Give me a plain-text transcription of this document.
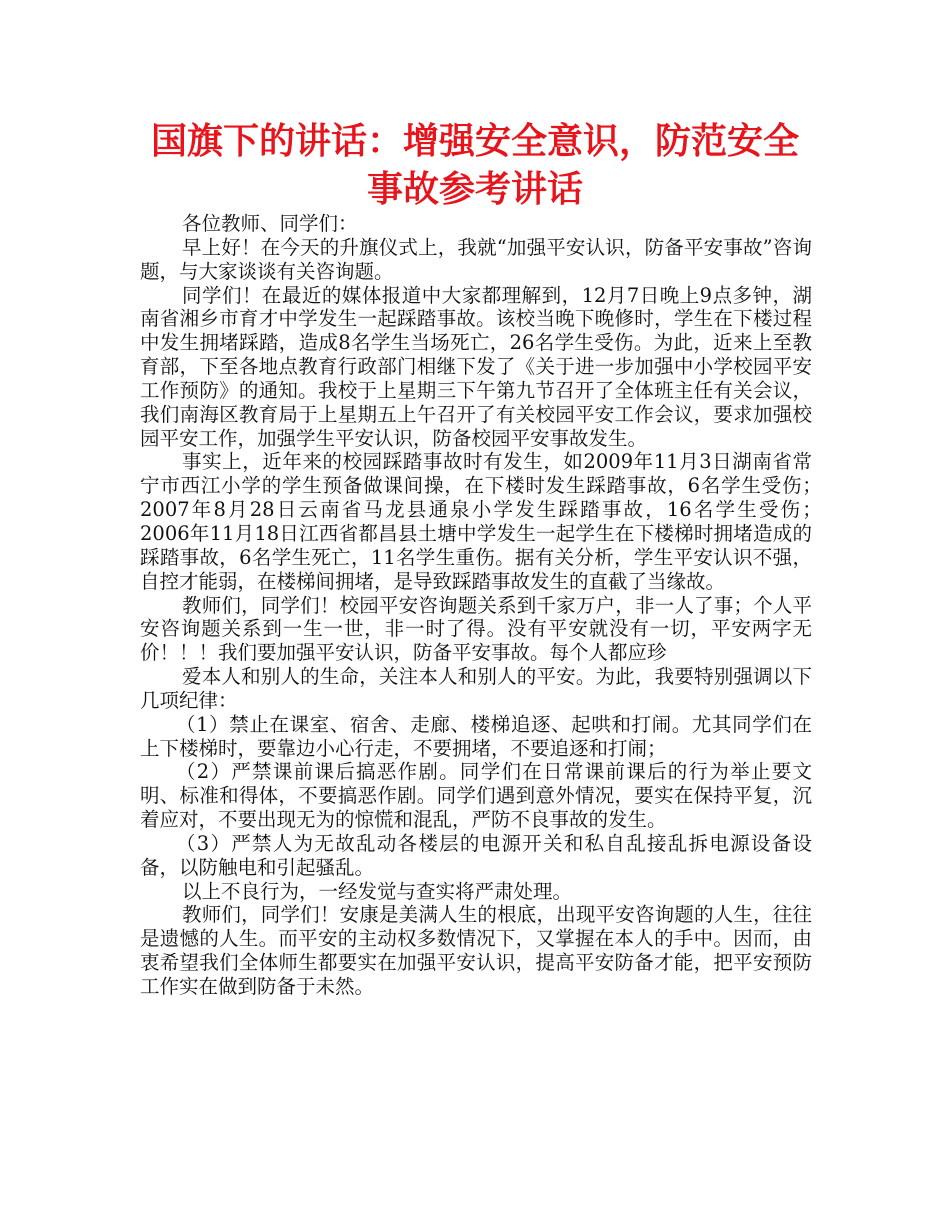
国旗下的讲话：增强安全意识，防范安全事故参考讲话

各位教师、同学们：

早上好！在今天的升旗仪式上，我就“加强平安认识，防备平安事故”咨询题，与大家谈谈有关咨询题。

同学们！在最近的媒体报道中大家都理解到，12月7日晚上9点多钟，湖南省湘乡市育才中学发生一起踩踏事故。该校当晚下晚修时，学生在下楼过程中发生拥堵踩踏，造成8名学生当场死亡，26名学生受伤。为此，近来上至教育部，下至各地点教育行政部门相继下发了《关于进一步加强中小学校园平安工作预防》的通知。我校于上星期三下午第九节召开了全体班主任有关会议，我们南海区教育局于上星期五上午召开了有关校园平安工作会议，要求加强校园平安工作，加强学生平安认识，防备校园平安事故发生。

事实上，近年来的校园踩踏事故时有发生，如2009年11月3日湖南省常宁市西江小学的学生预备做课间操，在下楼时发生踩踏事故，6名学生受伤；　　2007年8月28日云南省马龙县通泉小学发生踩踏事故，16名学生受伤；　2006年11月18日江西省都昌县土塘中学发生一起学生在下楼梯时拥堵造成的踩踏事故，6名学生死亡，11名学生重伤。据有关分析，学生平安认识不强，自控才能弱，在楼梯间拥堵，是导致踩踏事故发生的直截了当缘故。

教师们，同学们！校园平安咨询题关系到千家万户，非一人了事；个人平安咨询题关系到一生一世，非一时了得。没有平安就没有一切，平安两字无价！！！我们要加强平安认识，防备平安事故。每个人都应珍

爱本人和别人的生命，关注本人和别人的平安。为此，我要特别强调以下几项纪律：

（1）禁止在课室、宿舍、走廊、楼梯追逐、起哄和打闹。尤其同学们在上下楼梯时，要靠边小心行走，不要拥堵，不要追逐和打闹；

（2）严禁课前课后搞恶作剧。同学们在日常课前课后的行为举止要文明、标准和得体，不要搞恶作剧。同学们遇到意外情况，要实在保持平复，沉着应对，不要出现无为的惊慌和混乱，严防不良事故的发生。

（3）严禁人为无故乱动各楼层的电源开关和私自乱接乱拆电源设备设备，以防触电和引起骚乱。

以上不良行为，一经发觉与查实将严肃处理。

教师们，同学们！安康是美满人生的根底，出现平安咨询题的人生，往往是遗憾的人生。而平安的主动权多数情况下，又掌握在本人的手中。因而，由衷希望我们全体师生都要实在加强平安认识，提高平安防备才能，把平安预防工作实在做到防备于未然。
